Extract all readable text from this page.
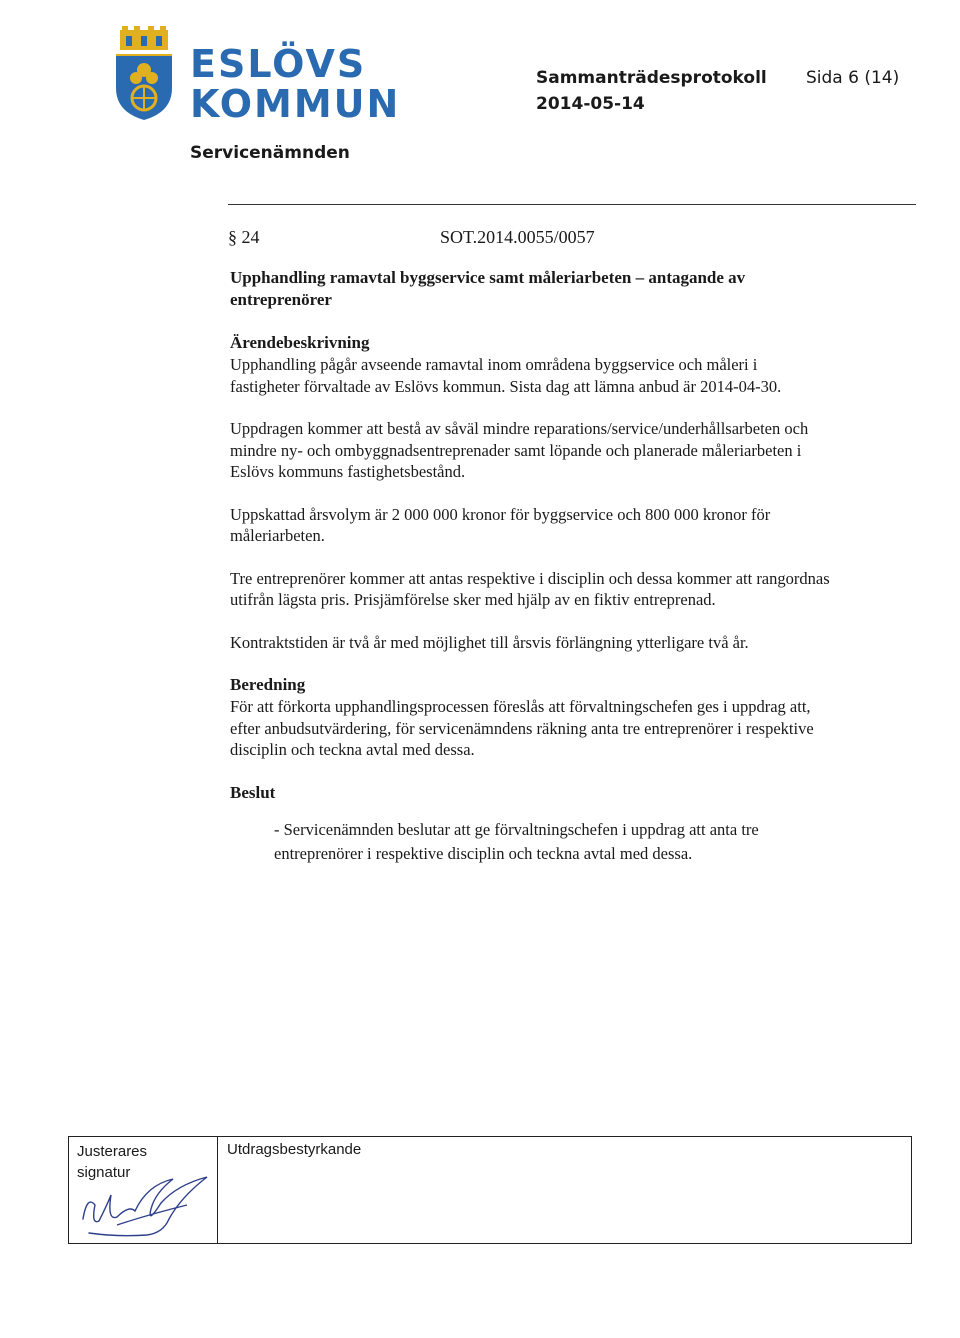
ESLÖVS
KOMMUN
Sammanträdesprotokoll Sida 6 (14)
2014-05-14
Servicenämnden
§ 24	SOT.2014.0055/0057
Upphandling ramavtal byggservice samt måleriarbeten – antagande av entreprenörer
Ärendebeskrivning

Upphandling pågår avseende ramavtal inom områdena byggservice och måleri i fastigheter förvaltade av Eslövs kommun. Sista dag att lämna anbud är 2014-04-30.

Uppdragen kommer att bestå av såväl mindre reparations/service/underhållsarbeten och mindre ny- och ombyggnadsentreprenader samt löpande och planerade måleriarbeten i Eslövs kommuns fastighetsbestånd.

Uppskattad årsvolym är 2 000 000 kronor för byggservice och 800 000 kronor för måleriarbeten.

Tre entreprenörer kommer att antas respektive i disciplin och dessa kommer att rangordnas utifrån lägsta pris. Prisjämförelse sker med hjälp av en fiktiv entreprenad.

Kontraktstiden är två år med möjlighet till årsvis förlängning ytterligare två år.

Beredning

För att förkorta upphandlingsprocessen föreslås att förvaltningschefen ges i uppdrag att, efter anbudsutvärdering, för servicenämndens räkning anta tre entreprenörer i respektive disciplin och teckna avtal med dessa.

Beslut

- Servicenämnden beslutar att ge förvaltningschefen i uppdrag att anta tre entreprenörer i respektive disciplin och teckna avtal med dessa.

Justerares signatur
Utdragsbestyrkande
